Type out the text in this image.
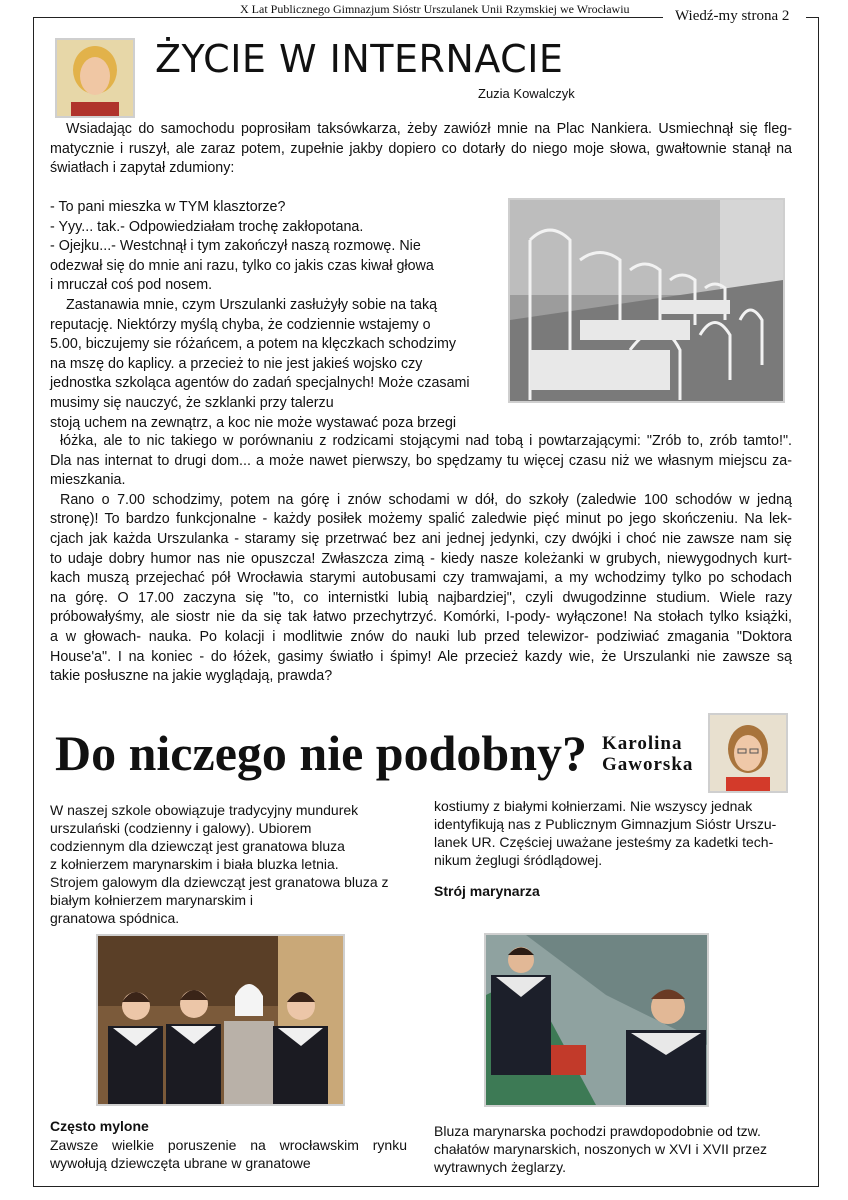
X Lat Publicznego Gimnazjum Sióstr Urszulanek Unii Rzymskiej we Wrocławiu	Wiedź-my strona 2
ŻYCIE W INTERNACIE
Zuzia Kowalczyk
Wsiadając do samochodu poprosiłam taksówkarza, żeby zawiózł mnie na Plac Nankiera. Usmiechnął się fleg-
matycznie i ruszył, ale zaraz potem, zupełnie jakby dopiero co dotarły do niego moje słowa, gwałtownie stanął na
światłach i zapytał zdumiony:
- To pani mieszka w TYM klasztorze?
- Yyy... tak.- Odpowiedziałam trochę zakłopotana.
- Ojejku...- Westchnął i tym zakończył naszą rozmowę. Nie
odezwał się do mnie ani razu, tylko co jakis czas kiwał głowa
i mruczał coś pod nosem.
Zastanawia mnie, czym Urszulanki zasłużyły sobie na taką
reputację. Niektórzy myślą chyba, że codziennie wstajemy o
5.00, biczujemy sie różańcem, a potem na klęczkach schodzimy
na mszę do kaplicy. a przecież to nie jest jakieś wojsko czy
jednostka szkoląca agentów do zadań specjalnych! Może czasami
musimy się nauczyć, że szklanki przy talerzu
stoją uchem na zewnątrz, a koc nie może wystawać poza brzegi
łóżka, ale to nic takiego w porównaniu z rodzicami stojącymi nad tobą i powtarzającymi: "Zrób to, zrób tamto!".
Dla nas internat to drugi dom... a może nawet pierwszy, bo spędzamy tu więcej czasu niż we własnym miejscu za-
mieszkania.
Rano o 7.00 schodzimy, potem na górę i znów schodami w dół, do szkoły (zaledwie 100 schodów w jedną
stronę)! To bardzo funkcjonalne - każdy posiłek możemy spalić zaledwie pięć minut po jego skończeniu. Na lek-
cjach jak każda Urszulanka - staramy się przetrwać bez ani jednej jedynki, czy dwójki i choć nie zawsze nam się
to udaje dobry humor nas nie opuszcza! Zwłaszcza zimą - kiedy nasze koleżanki w grubych, niewygodnych kurt-
kach muszą przejechać pół Wrocławia starymi autobusami czy tramwajami, a my wchodzimy tylko po schodach
na górę. O 17.00 zaczyna się "to, co internistki lubią najbardziej", czyli dwugodzinne studium. Wiele razy
próbowałyśmy, ale siostr nie da się tak łatwo przechytrzyć. Komórki, I-pody- wyłączone! Na stołach tylko książki,
a w głowach- nauka. Po kolacji i modlitwie znów do nauki lub przed telewizor- podziwiać zmagania "Doktora
House'a". I na koniec - do łóżek, gasimy światło i śpimy! Ale przecież kazdy wie, że Urszulanki nie zawsze są
takie posłuszne na jakie wyglądają, prawda?
Do niczego nie podobny? Karolina
Gaworska
W naszej szkole obowiązuje tradycyjny mundurek
urszulański (codzienny i galowy). Ubiorem
codziennym dla dziewcząt jest granatowa bluza
z kołnierzem marynarskim i biała bluzka letnia.
Strojem galowym dla dziewcząt jest granatowa bluza z
białym kołnierzem marynarskim i
granatowa spódnica.
kostiumy z białymi kołnierzami. Nie wszyscy jednak
identyfikują nas z Publicznym Gimnazjum Sióstr Urszu-
lanek UR. Częściej uważane jesteśmy za kadetki tech-
nikum żeglugi śródlądowej.
Strój marynarza
Często mylone
Zawsze wielkie poruszenie na wrocławskim rynku
wywołują dziewczęta ubrane w granatowe
Bluza marynarska pochodzi prawdopodobnie od tzw.
chałatów marynarskich, noszonych w XVI i XVII przez
wytrawnych żeglarzy.
